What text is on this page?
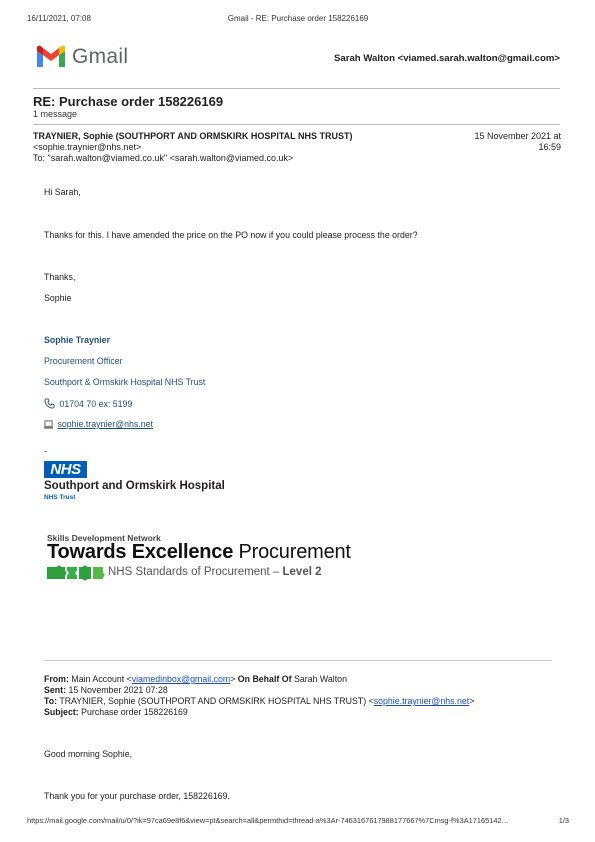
16/11/2021, 07:08	Gmail - RE: Purchase order 158226169
Gmail	Sarah Walton <viamed.sarah.walton@gmail.com>
RE: Purchase order 158226169
1 message
TRAYNIER, Sophie (SOUTHPORT AND ORMSKIRK HOSPITAL NHS TRUST)
<sophie.traynier@nhs.net>
To: "sarah.walton@viamed.co.uk" <sarah.walton@viamed.co.uk>
15 November 2021 at
16:59
Hi Sarah,
Thanks for this. I have amended the price on the PO now if you could please process the order?
Thanks,
Sophie
Sophie Traynier
Procurement Officer
Southport & Ormskirk Hospital NHS Trust
01704 70 ex: 5199
sophie.traynier@nhs.net
-
NHS
Southport and Ormskirk Hospital
NHS Trust
Skills Development Network
Towards Excellence Procurement
NHS Standards of Procurement – Level 2
From: Main Account <viamedinbox@gmail.com> On Behalf Of Sarah Walton
Sent: 15 November 2021 07:28
To: TRAYNIER, Sophie (SOUTHPORT AND ORMSKIRK HOSPITAL NHS TRUST) <sophie.traynier@nhs.net>
Subject: Purchase order 158226169
Good morning Sophie,
Thank you for your purchase order, 158226169.
https://mail.google.com/mail/u/0/?ik=97ca69e8f6&view=pt&search=all&permthid=thread-a%3Ar-7463167617988177667%7Cmsg-f%3A17165142…	1/3
